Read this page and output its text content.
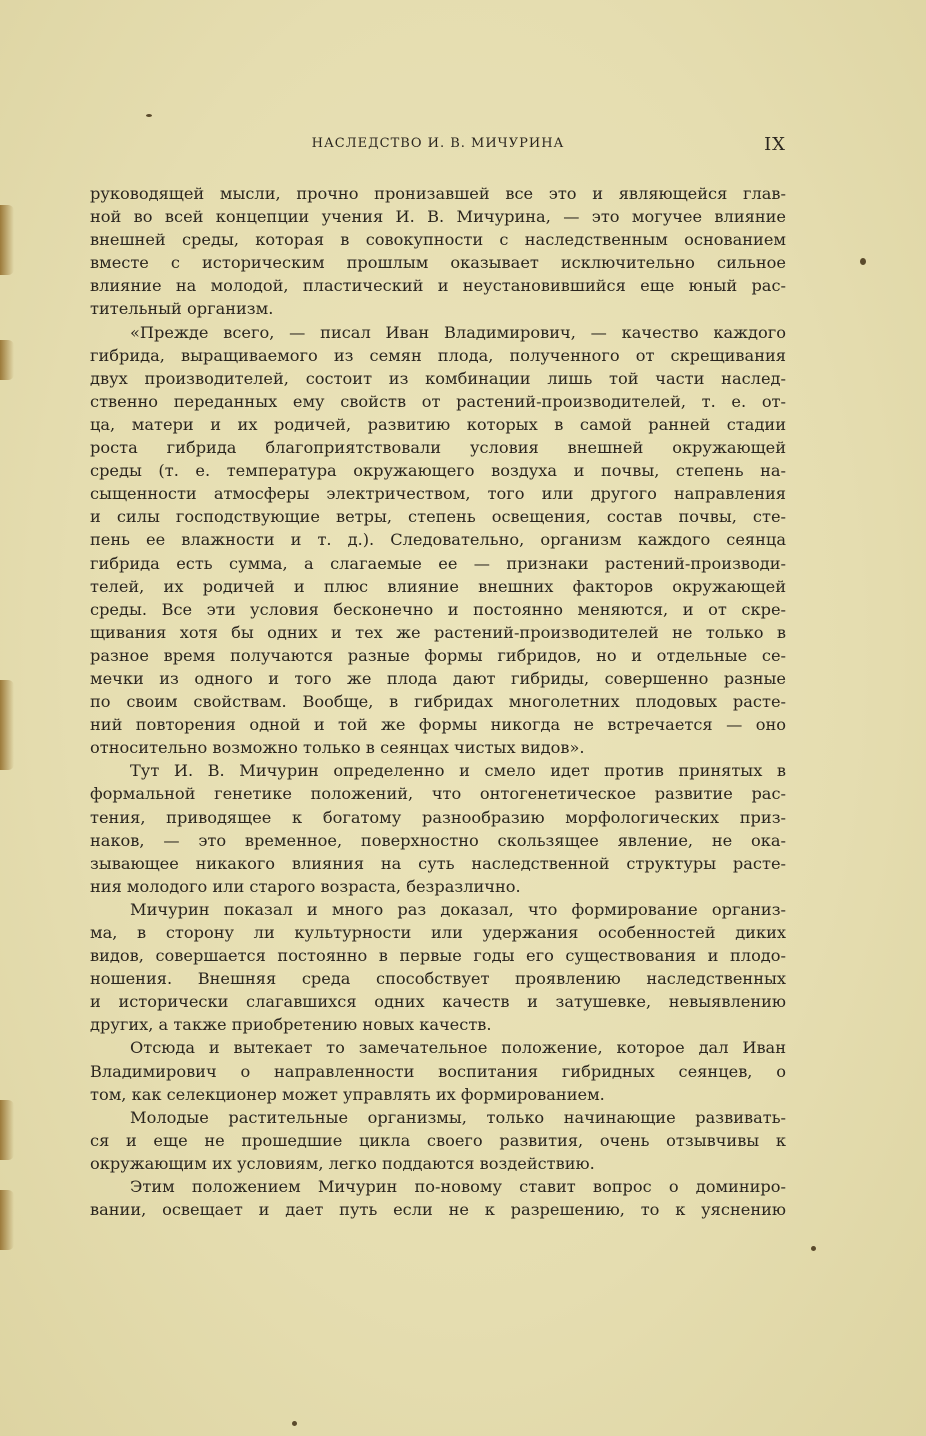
НАСЛЕДСТВО И. В. МИЧУРИНА	IX
руководящей мысли, прочно пронизавшей все это и являющейся глав-
ной во всей концепции учения И. В. Мичурина, — это могучее влияние
внешней среды, которая в совокупности с наследственным основанием
вместе с историческим прошлым оказывает исключительно сильное
влияние на молодой, пластический и неустановившийся еще юный рас-
тительный организм.
«Прежде всего, — писал Иван Владимирович, — качество каждого
гибрида, выращиваемого из семян плода, полученного от скрещивания
двух производителей, состоит из комбинации лишь той части наслед-
ственно переданных ему свойств от растений-производителей, т. е. от-
ца, матери и их родичей, развитию которых в самой ранней стадии
роста гибрида благоприятствовали условия внешней окружающей
среды (т. е. температура окружающего воздуха и почвы, степень на-
сыщенности атмосферы электричеством, того или другого направления
и силы господствующие ветры, степень освещения, состав почвы, сте-
пень ее влажности и т. д.). Следовательно, организм каждого сеянца
гибрида есть сумма, а слагаемые ее — признаки растений-производи-
телей, их родичей и плюс влияние внешних факторов окружающей
среды. Все эти условия бесконечно и постоянно меняются, и от скре-
щивания хотя бы одних и тех же растений-производителей не только в
разное время получаются разные формы гибридов, но и отдельные се-
мечки из одного и того же плода дают гибриды, совершенно разные
по своим свойствам. Вообще, в гибридах многолетних плодовых расте-
ний повторения одной и той же формы никогда не встречается — оно
относительно возможно только в сеянцах чистых видов».
Тут И. В. Мичурин определенно и смело идет против принятых в
формальной генетике положений, что онтогенетическое развитие рас-
тения, приводящее к богатому разнообразию морфологических приз-
наков, — это временное, поверхностно скользящее явление, не ока-
зывающее никакого влияния на суть наследственной структуры расте-
ния молодого или старого возраста, безразлично.
Мичурин показал и много раз доказал, что формирование организ-
ма, в сторону ли культурности или удержания особенностей диких
видов, совершается постоянно в первые годы его существования и плодо-
ношения. Внешняя среда способствует проявлению наследственных
и исторически слагавшихся одних качеств и затушевке, невыявлению
других, а также приобретению новых качеств.
Отсюда и вытекает то замечательное положение, которое дал Иван
Владимирович о направленности воспитания гибридных сеянцев, о
том, как селекционер может управлять их формированием.
Молодые растительные организмы, только начинающие развивать-
ся и еще не прошедшие цикла своего развития, очень отзывчивы к
окружающим их условиям, легко поддаются воздействию.
Этим положением Мичурин по-новому ставит вопрос о доминиро-
вании, освещает и дает путь если не к разрешению, то к уяснению
